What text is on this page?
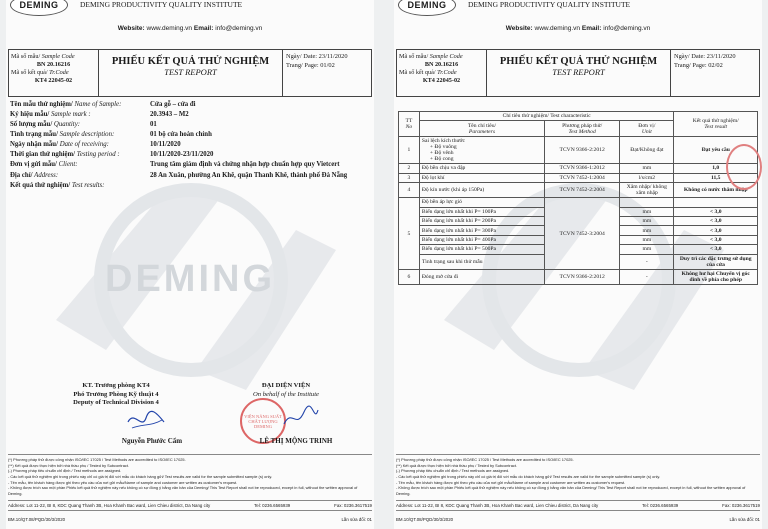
DEMING	DEMING PRODUCTIVITY QUALITY INSTITUTE
Website: www.deming.vn Email: info@deming.vn
Mã số mẫu/ Sample Code
BN 20.16216
Mã số kết quả/ Tr.Code
KT4 22045-02
PHIẾU KẾT QUẢ THỬ NGHIỆM
TEST REPORT
Ngày/ Date: 23/11/2020
Trang/ Page: 01/02
Tên mẫu thử nghiệm/ Name of Sample:	Cửa gỗ – cửa đi
Ký hiệu mẫu/ Sample mark :	20.3943 – M2
Số lượng mẫu/ Quantity:	01
Tình trạng mẫu/ Sample description:	01 bộ cửa hoàn chỉnh
Ngày nhận mẫu/ Date of receiving:	10/11/2020
Thời gian thử nghiệm/ Testing period :	10/11/2020-23/11/2020
Đơn vị gửi mẫu/ Client:	Trung tâm giám định và chứng nhận hợp chuẩn hợp quy Vietcert
Địa chỉ/ Address:	28 An Xuân, phường An Khê, quận Thanh Khê, thành phố Đà Nẵng
Kết quả thử nghiệm/ Test results:
DEMING
KT. Trưởng phòng KT4
Phó Trưởng Phòng Kỹ thuật 4
Deputy of Technical Division 4
Nguyễn Phước Cẩm
ĐẠI DIỆN VIỆN
On behalf of the Institute
VIỆN NĂNG SUẤT CHẤT LƯỢNG DEMING
LÊ THỊ MỘNG TRINH
(*) Phương pháp thử được công nhận ISO/IEC 17025 / Test Methods are accredited to ISO/IEC 17025.
(**) Kết quả được thực hiện bởi nhà thầu phụ / Tested by Subcontract.
(-) Phương pháp tiêu chuẩn chỉ định / Test methods are assigned.
- Các kết quả thử nghiệm ghi trong phiếu này chỉ có giá trị đối với mẫu do khách hàng gửi/ Test results are valid for the sample submitted sample (s) only.
- Tên mẫu, tên khách hàng được ghi theo yêu cầu của nơi gửi mẫu/Name of sample and customer are written as customer's request.
- Không được trích sao một phần Phiếu kết quả thử nghiệm này nếu không có sự đồng ý bằng văn bản của Deming/ This Test Report shall not be reproduced, except in full, without the written approval of Deming.
Address: Lot 11-22, BI 8, KDC Quang Thanh 3B, Hoa Khanh Bac ward, Lien Chieu district, Da Nang city	Tel: 0236.6565939	Fax: 0236.3617519
BM.10/QT.08/PQD/30/3/2020	Lần sửa đổi: 01
DEMING	DEMING PRODUCTIVITY QUALITY INSTITUTE
Website: www.deming.vn Email: info@deming.vn
Mã số mẫu/ Sample Code
BN 20.16216
Mã số kết quả/ Tr.Code
KT4 22045-02
PHIẾU KẾT QUẢ THỬ NGHIỆM
TEST REPORT
Ngày/ Date: 23/11/2020
Trang/ Page: 02/02
TT
No	Chỉ tiêu thử nghiệm/ Test characteristic			Kết quả thử nghiệm/
Test result

	Tên chỉ tiêu/
Parameters	Phương pháp thử/
Test Method	Đơn vị/
Unit	
1	Sai lệch kích thước
+ Độ vuông
+ Độ vênh
+ Độ cong	TCVN 9366-2:2012	Đạt/Không đạt	Đạt yêu cầu
2	Độ bền chịu va đập	TCVN 9366-1:2012	mm	1,0
3	Độ lọt khí	TCVN 7452-1:2004	l/s/cm2	11,5
4	Độ kín nước (khi áp 150Pa)	TCVN 7452-2:2004	Xâm nhập/ không xâm nhập	Không có nước thâm nhập
5	Độ bền áp lực gió	TCVN 7452-3:2004		
	Biến dạng lớn nhất khi P= 100Pa		mm	< 3,0
	Biến dạng lớn nhất khi P= 200Pa		mm	< 3,0
	Biến dạng lớn nhất khi P= 300Pa		mm	< 3,0
	Biến dạng lớn nhất khi P= 400Pa		mm	< 3,0
	Biến dạng lớn nhất khi P= 500Pa		mm	< 3,0
	Tình trạng sau khi thử mẫu		-	Duy trì các đặc trưng sử dụng của cửa
6	Đóng mở cửa đi	TCVN 9366-2:2012	-	Không hư hại Chuyển vị góc đỉnh về phía cho phép
(*) Phương pháp thử được công nhận ISO/IEC 17025 / Test Methods are accredited to ISO/IEC 17025.
(**) Kết quả được thực hiện bởi nhà thầu phụ / Tested by Subcontract.
(-) Phương pháp tiêu chuẩn chỉ định / Test methods are assigned.
- Các kết quả thử nghiệm ghi trong phiếu này chỉ có giá trị đối với mẫu do khách hàng gửi/ Test results are valid for the sample submitted sample (s) only.
- Tên mẫu, tên khách hàng được ghi theo yêu cầu của nơi gửi mẫu/Name of sample and customer are written as customer's request.
- Không được trích sao một phần Phiếu kết quả thử nghiệm này nếu không có sự đồng ý bằng văn bản của Deming/ This Test Report shall not be reproduced, except in full, without the written approval of Deming.
Address: Lot 11-22, BI 8, KDC Quang Thanh 3B, Hoa Khanh Bac ward, Lien Chieu district, Da Nang city	Tel: 0236.6565939	Fax: 0236.3617519
BM.10/QT.08/PQD/30/3/2020	Lần sửa đổi: 01
